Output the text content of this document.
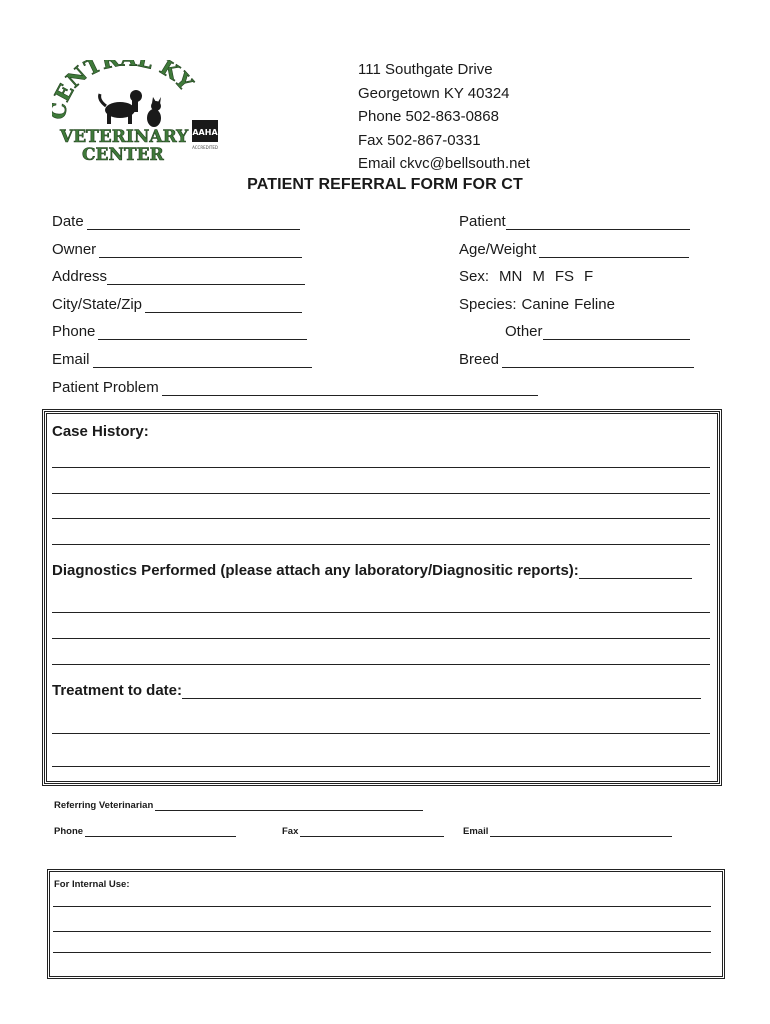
ENTR KY
VETERINARY
CENTER
AAHA
ACCREDITED
111 Southgate Drive
Georgetown KY 40324
Phone 502-863-0868
Fax 502-867-0331
Email ckvc@bellsouth.net
PATIENT REFERRAL FORM FOR CT
Date
Owner
Address
City/State/Zip
Phone
Email
Patient Problem
Patient
Age/Weight
Sex: MN M FS F
Species: Canine Feline
Other
Breed
Case History:
Diagnostics Performed (please attach any laboratory/Diagnositic reports):
Treatment to date:
Referring Veterinarian
Phone	Fax	Email
For Internal Use:
